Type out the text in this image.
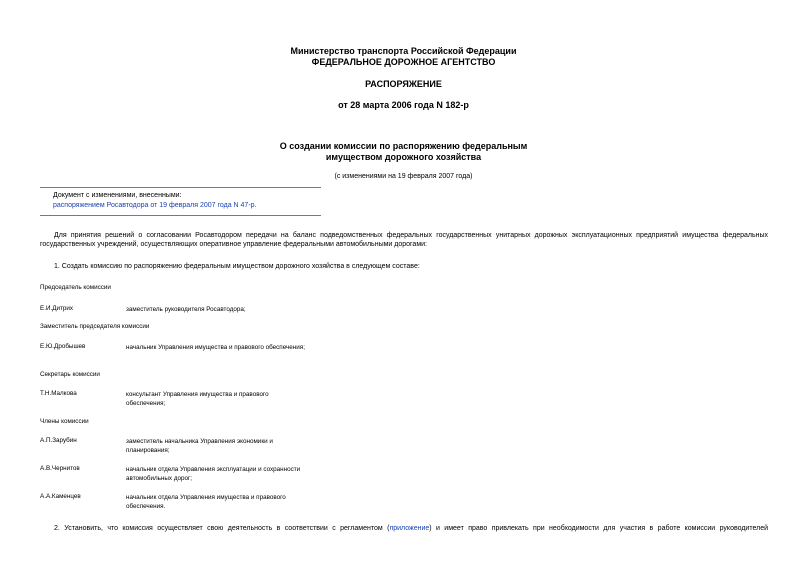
Министерство транспорта Российской Федерации
ФЕДЕРАЛЬНОЕ ДОРОЖНОЕ АГЕНТСТВО
РАСПОРЯЖЕНИЕ
от 28 марта 2006 года N 182-р
О создании комиссии по распоряжению федеральным
имуществом дорожного хозяйства
(с изменениями на 19 февраля 2007 года)
Документ с изменениями, внесенными:
распоряжением Росавтодора от 19 февраля 2007 года N 47-р.
Для принятия решений о согласовании Росавтодором передачи на баланс подведомственных федеральных государственных унитарных дорожных эксплуатационных предприятий имущества федеральных
государственных учреждений, осуществляющих оперативное управление федеральными автомобильными дорогами:
1. Создать комиссию по распоряжению федеральным имуществом дорожного хозяйства в следующем составе:
Председатель комиссии
Е.И.Дитрих	заместитель руководителя Росавтодора;
Заместитель председателя комиссии
Е.Ю.Дробышев	начальник Управления имущества и правового обеспечения;
Секретарь комиссии
Т.Н.Малкова	консультант Управления имущества и правового обеспечения;
Члены комиссии
А.П.Зарубин	заместитель начальника Управления экономики и планирования;
А.В.Чернитов	начальник отдела Управления эксплуатации и сохранности автомобильных дорог;
А.А.Каменцев	начальник отдела Управления имущества и правового обеспечения.
2. Установить, что комиссия осуществляет свою деятельность в соответствии с регламентом (приложение) и имеет право привлекать при необходимости для участия в работе комиссии руководителей
